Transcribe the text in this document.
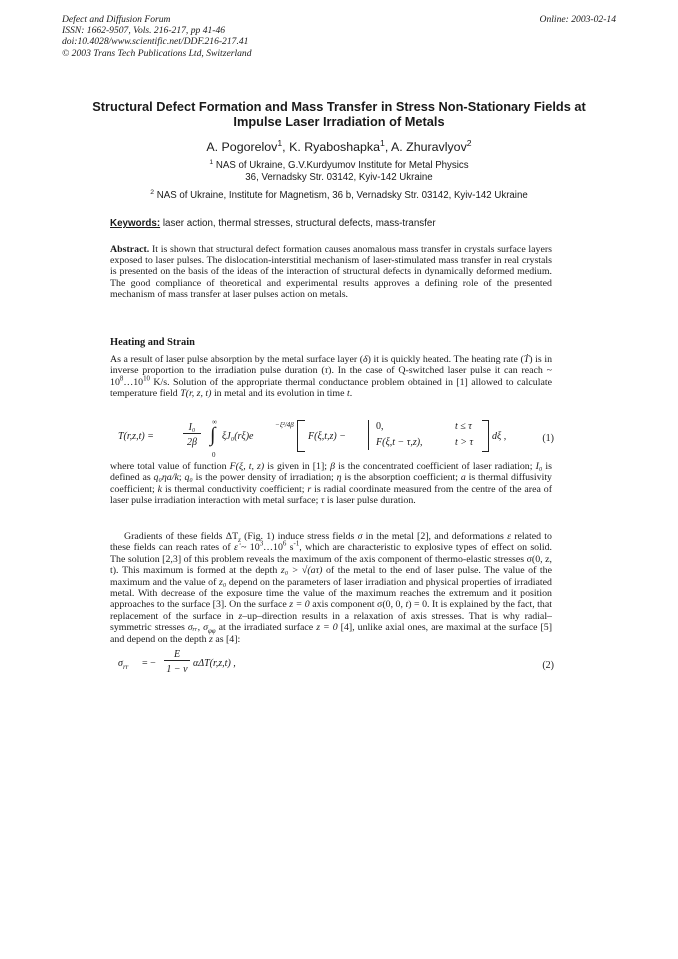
Defect and Diffusion Forum
ISSN: 1662-9507, Vols. 216-217, pp 41-46
doi:10.4028/www.scientific.net/DDF.216-217.41
© 2003 Trans Tech Publications Ltd, Switzerland
Online: 2003-02-14
Structural Defect Formation and Mass Transfer in Stress Non-Stationary Fields at Impulse Laser Irradiation of Metals
A. Pogorelov$^1$, K. Ryaboshapka$^1$, A. Zhuravlyov$^2$
$^1$ NAS of Ukraine, G.V.Kurdyumov Institute for Metal Physics
36, Vernadsky Str. 03142, Kyiv-142 Ukraine
$^2$ NAS of Ukraine, Institute for Magnetism, 36 b, Vernadsky Str. 03142, Kyiv-142 Ukraine
Keywords: laser action, thermal stresses, structural defects, mass-transfer
Abstract. It is shown that structural defect formation causes anomalous mass transfer in crystals surface layers exposed to laser pulses. The dislocation-interstitial mechanism of laser-stimulated mass transfer in real crystals is presented on the basis of the ideas of the interaction of structural defects in dynamically deformed medium. The good compliance of theoretical and experimental results approves a defining role of the presented mechanism of mass transfer at laser pulses action on metals.
Heating and Strain
As a result of laser pulse absorption by the metal surface layer (δ) it is quickly heated. The heating rate (Ṫ) is in inverse proportion to the irradiation pulse duration (τ). In the case of Q-switched laser pulse it can reach ~ $10^8\dots 10^{10}$ K/s. Solution of the appropriate thermal conductance problem obtained in [1] allowed to calculate temperature field T(r, z, t) in metal and its evolution in time t.
T(r,z,t) =
I₀
2β ∫
∞
0
ξJ₀(rξ)e
−ξ²/4β
F(ξ,t,z) −
0,	t ≤ τ
F(ξ,t − τ,z),	t > τ
dξ ,	(1)
where total value of function F(ξ, t, z) is given in [1]; β is the concentrated coefficient of laser radiation; I₀ is defined as q₀ηa/k; q₀ is the power density of irradiation; η is the absorption coefficient; a is thermal diffusivity coefficient; k is thermal conductivity coefficient; r is radial coordinate measured from the centre of the area of laser pulse irradiation interaction with metal surface; τ is laser pulse duration.
Gradients of these fields $\Delta T_z$ (Fig. 1) induce stress fields σ in the metal [2], and deformations ε related to these fields can reach rates of ε̇ ~ $10^3\dots 10^6$ $s^{-1}$, which are characteristic to explosive types of effect on solid. The solution [2,3] of this problem reveals the maximum of the axis component of thermo-elastic stresses σ(0, z, t). This maximum is formed at the depth z₀ > √(aτ) of the metal to the end of laser pulse. The value of the maximum and the value of z₀ depend on the parameters of laser irradiation and physical properties of irradiated metal. With decrease of the exposure time the value of the maximum reaches the extremum and it position approaches to the surface [3]. On the surface z = 0 axis component σ(0, 0, t) = 0. It is explained by the fact, that replacement of the surface in z–up–direction results in a relaxation of axis stresses. That is why radial–symmetric stresses σᵣᵣ, $\sigma_{\varphi\varphi}$ at the irradiated surface z = 0 [4], unlike axial ones, are maximal at the surface [5] and depend on the depth z as [4]:
$\sigma_{rr}$ = −
E
1 − ν
αΔT(r,z,t) ,	(2)
